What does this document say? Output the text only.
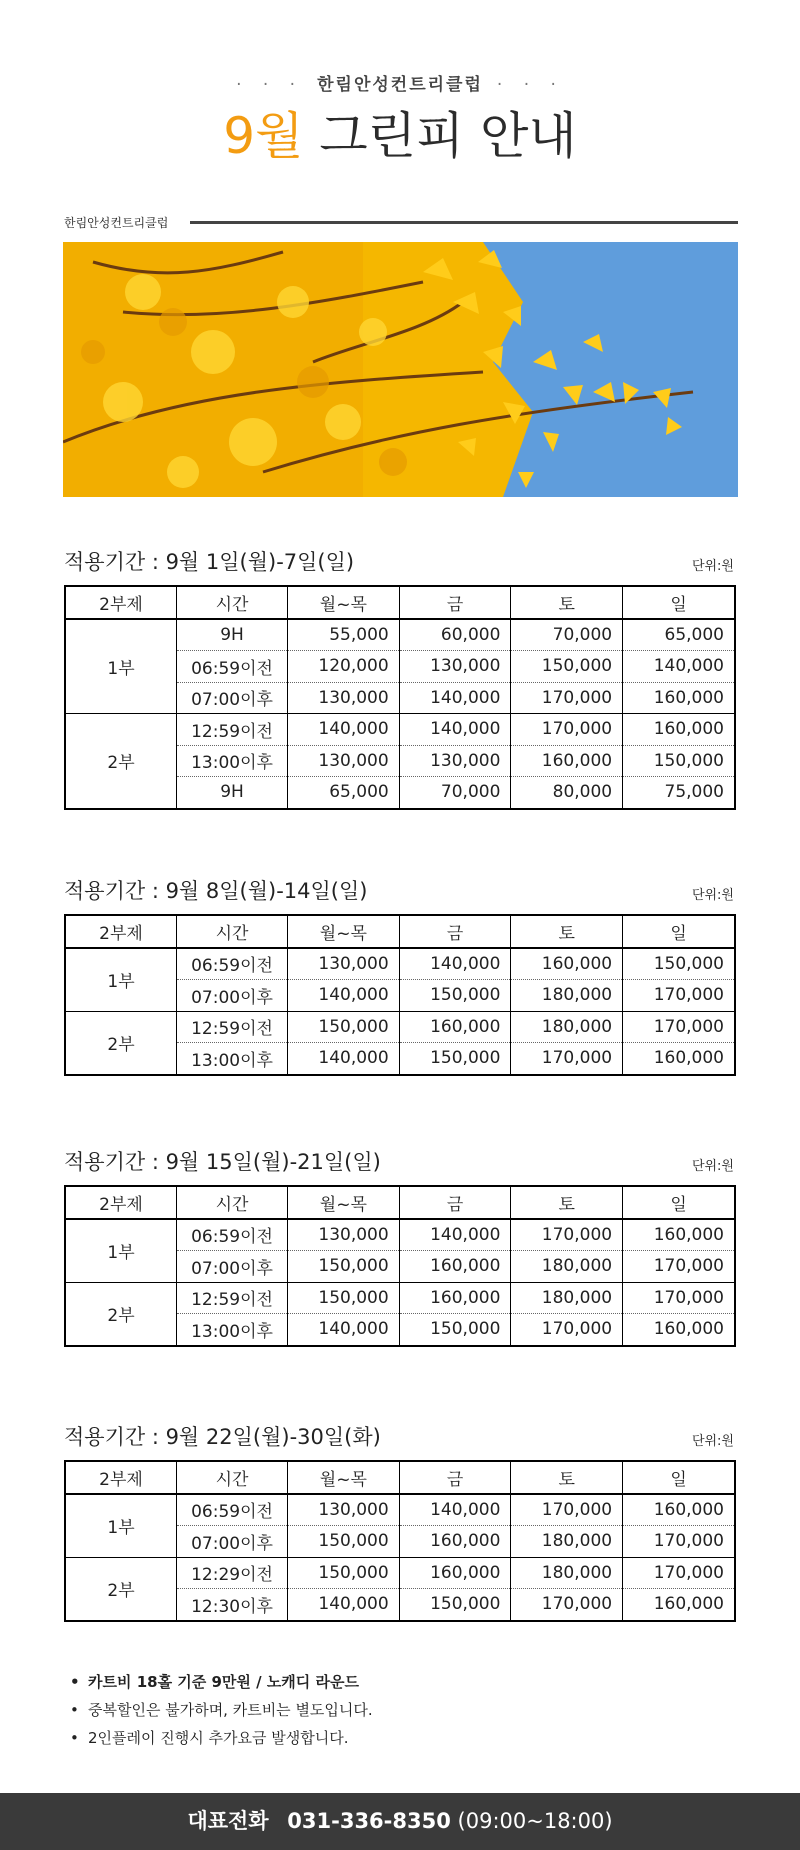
· · · 한림안성컨트리클럽 · · ·
9월 그린피 안내
한림안성컨트리클럽
적용기간 : 9월 1일(월)-7일(일)	단위:원
2부제	시간	월~목	금	토	일
1부	9H	55,000	60,000	70,000	65,000
	06:59이전	120,000	130,000	150,000	140,000
	07:00이후	130,000	140,000	170,000	160,000
2부	12:59이전	140,000	140,000	170,000	160,000
	13:00이후	130,000	130,000	160,000	150,000
	9H	65,000	70,000	80,000	75,000
적용기간 : 9월 8일(월)-14일(일)	단위:원
2부제	시간	월~목	금	토	일
1부	06:59이전	130,000	140,000	160,000	150,000
	07:00이후	140,000	150,000	180,000	170,000
2부	12:59이전	150,000	160,000	180,000	170,000
	13:00이후	140,000	150,000	170,000	160,000
적용기간 : 9월 15일(월)-21일(일)	단위:원
2부제	시간	월~목	금	토	일
1부	06:59이전	130,000	140,000	170,000	160,000
	07:00이후	150,000	160,000	180,000	170,000
2부	12:59이전	150,000	160,000	180,000	170,000
	13:00이후	140,000	150,000	170,000	160,000
적용기간 : 9월 22일(월)-30일(화)	단위:원
2부제	시간	월~목	금	토	일
1부	06:59이전	130,000	140,000	170,000	160,000
	07:00이후	150,000	160,000	180,000	170,000
2부	12:29이전	150,000	160,000	180,000	170,000
	12:30이후	140,000	150,000	170,000	160,000
• 카트비 18홀 기준 9만원 / 노캐디 라운드
• 중복할인은 불가하며, 카트비는 별도입니다.
• 2인플레이 진행시 추가요금 발생합니다.
대표전화 031-336-8350 (09:00~18:00)
